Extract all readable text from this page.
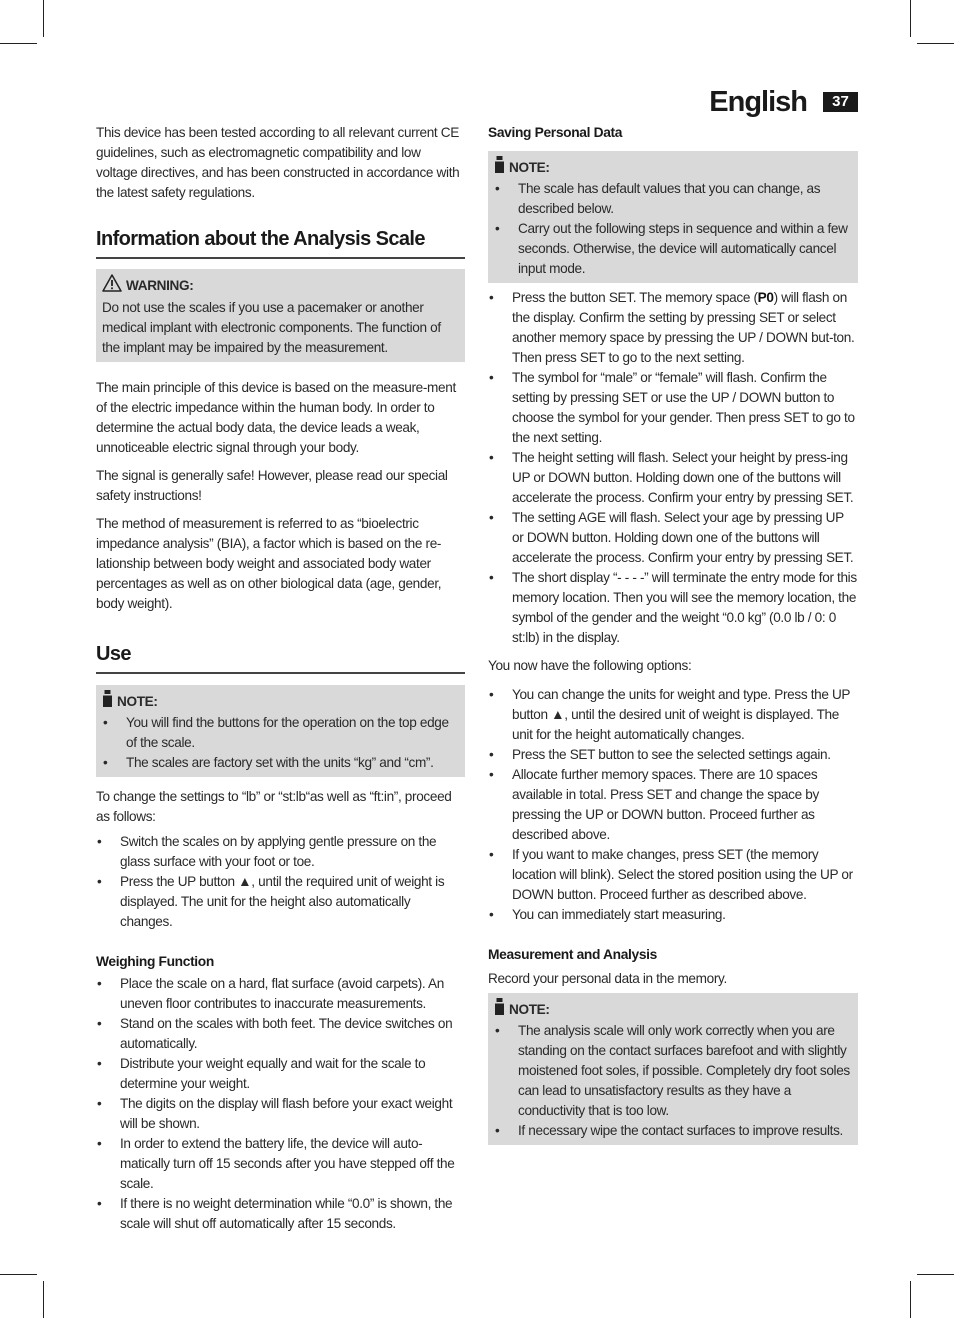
English	37

This device has been tested according to all relevant current CE guidelines, such as electromagnetic compatibility and low voltage directives, and has been constructed in accordance with the latest safety regulations.

Information about the Analysis Scale
WARNING:
Do not use the scales if you use a pacemaker or another medical implant with electronic components. The function of the implant may be impaired by the measurement.

The main principle of this device is based on the measure-ment of the electric impedance within the human body. In order to determine the actual body data, the device leads a weak, unnoticeable electric signal through your body.

The signal is generally safe! However, please read our special safety instructions!

The method of measurement is referred to as “bioelectric impedance analysis” (BIA), a factor which is based on the re-lationship between body weight and associated body water percentages as well as on other biological data (age, gender, body weight).

Use
NOTE:
• You will find the buttons for the operation on the top edge of the scale.
• The scales are factory set with the units “kg” and “cm”.

To change the settings to “lb” or “st:lb“as well as “ft:in”, proceed as follows:

• Switch the scales on by applying gentle pressure on the glass surface with your foot or toe.
• Press the UP button ▲, until the required unit of weight is displayed. The unit for the height also automatically changes.
Weighing Function
• Place the scale on a hard, flat surface (avoid carpets). An uneven floor contributes to inaccurate measurements.
• Stand on the scales with both feet. The device switches on automatically.
• Distribute your weight equally and wait for the scale to determine your weight.
• The digits on the display will flash before your exact weight will be shown.
• In order to extend the battery life, the device will auto-matically turn off 15 seconds after you have stepped off the scale.
• If there is no weight determination while “0.0” is shown, the scale will shut off automatically after 15 seconds.
Saving Personal Data
NOTE:
• The scale has default values that you can change, as described below.
• Carry out the following steps in sequence and within a few seconds. Otherwise, the device will automatically cancel input mode.
• Press the button SET. The memory space (P0) will flash on the display. Confirm the setting by pressing SET or select another memory space by pressing the UP / DOWN but-ton. Then press SET to go to the next setting.
• The symbol for “male” or “female” will flash. Confirm the setting by pressing SET or use the UP / DOWN button to choose the symbol for your gender. Then press SET to go to the next setting.
• The height setting will flash. Select your height by press-ing UP or DOWN button. Holding down one of the buttons will accelerate the process. Confirm your entry by pressing SET.
• The setting AGE will flash. Select your age by pressing UP or DOWN button. Holding down one of the buttons will accelerate the process. Confirm your entry by pressing SET.
• The short display “- - - -” will terminate the entry mode for this memory location. Then you will see the memory location, the symbol of the gender and the weight “0.0 kg” (0.0 lb / 0: 0 st:lb) in the display.

You now have the following options:

• You can change the units for weight and type. Press the UP button ▲, until the desired unit of weight is displayed. The unit for the height automatically changes.
• Press the SET button to see the selected settings again.
• Allocate further memory spaces. There are 10 spaces available in total. Press SET and change the space by pressing the UP or DOWN button. Proceed further as described above.
• If you want to make changes, press SET (the memory location will blink). Select the stored position using the UP or DOWN button. Proceed further as described above.
• You can immediately start measuring.
Measurement and Analysis

Record your personal data in the memory.

NOTE:
• The analysis scale will only work correctly when you are standing on the contact surfaces barefoot and with slightly moistened foot soles, if possible. Completely dry foot soles can lead to unsatisfactory results as they have a conductivity that is too low.
• If necessary wipe the contact surfaces to improve results.
